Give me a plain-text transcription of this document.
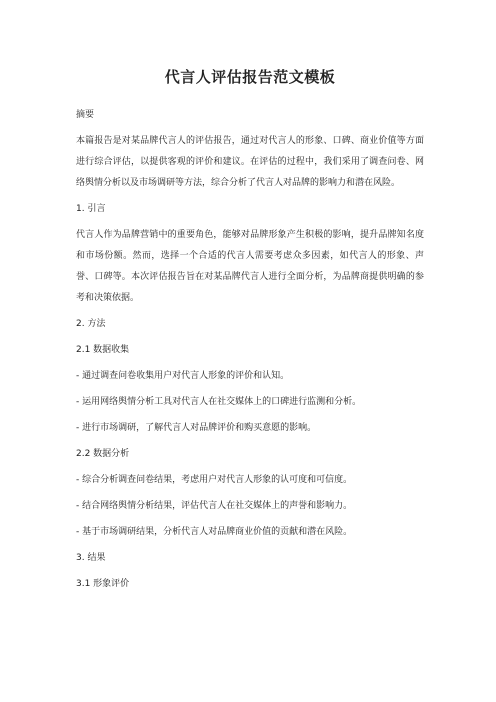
代言人评估报告范文模板

摘要

本篇报告是对某品牌代言人的评估报告，通过对代言人的形象、口碑、商业价值等方面进行综合评估，以提供客观的评价和建议。在评估的过程中，我们采用了调查问卷、网络舆情分析以及市场调研等方法，综合分析了代言人对品牌的影响力和潜在风险。

1. 引言

代言人作为品牌营销中的重要角色，能够对品牌形象产生积极的影响，提升品牌知名度和市场份额。然而，选择一个合适的代言人需要考虑众多因素，如代言人的形象、声誉、口碑等。本次评估报告旨在对某品牌代言人进行全面分析，为品牌商提供明确的参考和决策依据。

2. 方法

2.1 数据收集

- 通过调查问卷收集用户对代言人形象的评价和认知。

- 运用网络舆情分析工具对代言人在社交媒体上的口碑进行监测和分析。

- 进行市场调研，了解代言人对品牌评价和购买意愿的影响。

2.2 数据分析

- 综合分析调查问卷结果，考虑用户对代言人形象的认可度和可信度。

- 结合网络舆情分析结果，评估代言人在社交媒体上的声誉和影响力。

- 基于市场调研结果，分析代言人对品牌商业价值的贡献和潜在风险。

3. 结果

3.1 形象评价
